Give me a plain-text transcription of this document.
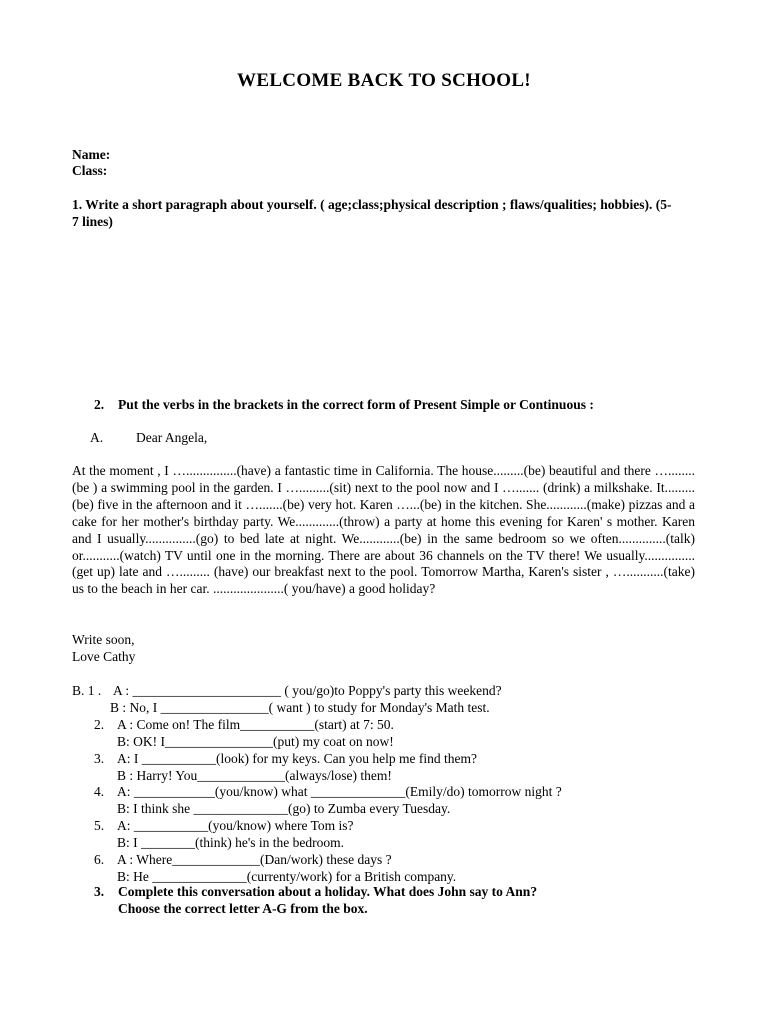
WELCOME BACK TO SCHOOL!
Name:
Class:
1. Write a short paragraph about yourself. ( age;class;physical description ; flaws/qualities; hobbies). (5-7 lines)
2. Put the verbs in the brackets in the correct form of Present Simple or Continuous :
A. Dear Angela,
At the moment , I …...............(have) a fantastic time in California. The house.........(be) beautiful and there …........(be ) a swimming pool in the garden. I ….........(sit) next to the pool now and I …....... (drink) a milkshake. It.........(be) five in the afternoon and it ….......(be) very hot. Karen …...(be) in the kitchen. She............(make) pizzas and a cake for her mother's birthday party. We.............(throw) a party at home this evening for Karen' s mother. Karen and I usually...............(go) to bed late at night. We............(be) in the same bedroom so we often..............(talk) or...........(watch) TV until one in the morning. There are about 36 channels on the TV there! We usually...............(get up) late and …......... (have) our breakfast next to the pool. Tomorrow Martha, Karen's sister , …...........(take) us to the beach in her car. .....................( you/have) a good holiday?
Write soon,
Love Cathy
B. 1 . A : ______________________ ( you/go)to Poppy's party this weekend?
B : No, I ________________( want ) to study for Monday's Math test.
2. A : Come on! The film___________(start) at 7: 50.
B: OK! I________________(put) my coat on now!
3. A: I ___________(look) for my keys. Can you help me find them?
B : Harry! You_____________(always/lose) them!
4. A: ____________(you/know) what ______________(Emily/do) tomorrow night ?
B: I think she ______________(go) to Zumba every Tuesday.
5. A: ___________(you/know) where Tom is?
B: I ________(think) he's in the bedroom.
6. A : Where_____________(Dan/work) these days ?
B: He ______________(currenty/work) for a British company.
3. Complete this conversation about a holiday. What does John say to Ann?
Choose the correct letter A-G from the box.
